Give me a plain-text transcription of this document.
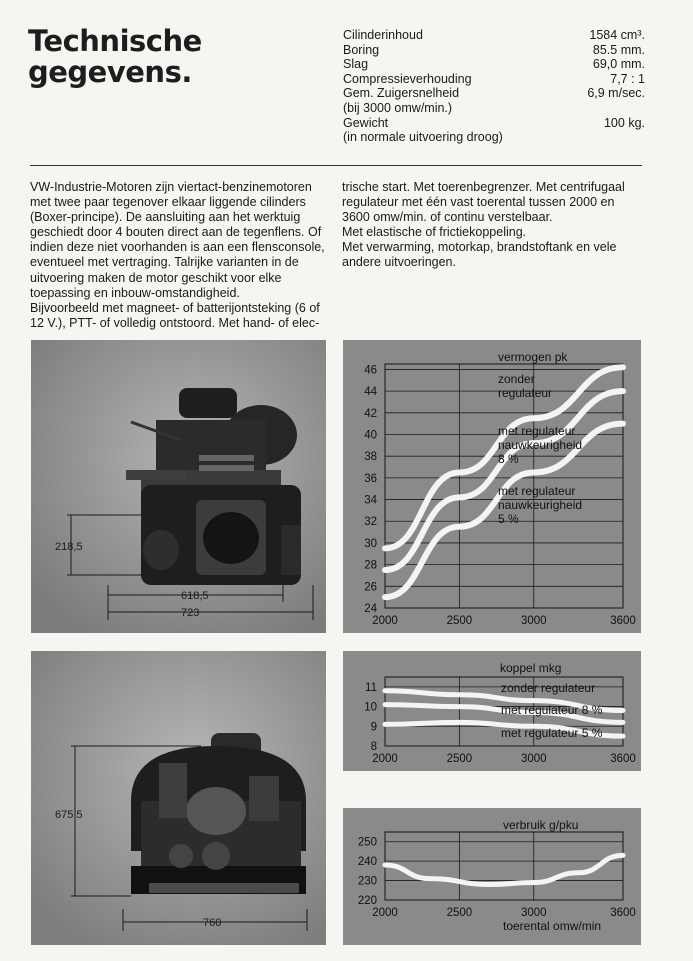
Technische
gegevens.
Cilinderinhoud	1584 cm³.
Boring	85.5 mm.
Slag	69,0 mm.
Compressieverhouding	7,7 : 1
Gem. Zuigersnelheid	6,9 m/sec.
(bij 3000 omw/min.)
Gewicht	100 kg.
(in normale uitvoering droog)
VW-Industrie-Motoren zijn viertact-benzinemotoren
met twee paar tegenover elkaar liggende cilinders
(Boxer-principe). De aansluiting aan het werktuig
geschiedt door 4 bouten direct aan de tegenflens. Of
indien deze niet voorhanden is aan een flensconsole,
eventueel met vertraging. Talrijke varianten in de
uitvoering maken de motor geschikt voor elke
toepassing en inbouw-omstandigheid.
Bijvoorbeeld met magneet- of batterijontsteking (6 of
12 V.), PTT- of volledig ontstoord. Met hand- of elec-
trische start. Met toerenbegrenzer. Met centrifugaal
regulateur met één vast toerental tussen 2000 en
3600 omw/min. of continu verstelbaar.
Met elastische of frictiekoppeling.
Met verwarming, motorkap, brandstoftank en vele
andere uitvoeringen.
218,5
618,5
723
675,5
760
24
26
28
30
32
34
36
38
40
42
44
46
2000	2500	3000	3600
vermogen pk
zonder
regulateur
met regulateur
nauwkeurigheid
8 %
met regulateur
nauwkeurigheid
5 %
8
9
10
11
2000	2500	3000	3600
koppel mkg
zonder regulateur
met regulateur 8 %
met regulateur 5 %
220
230
240
250
2000	2500	3000	3600
verbruik g/pku
toerental omw/min
